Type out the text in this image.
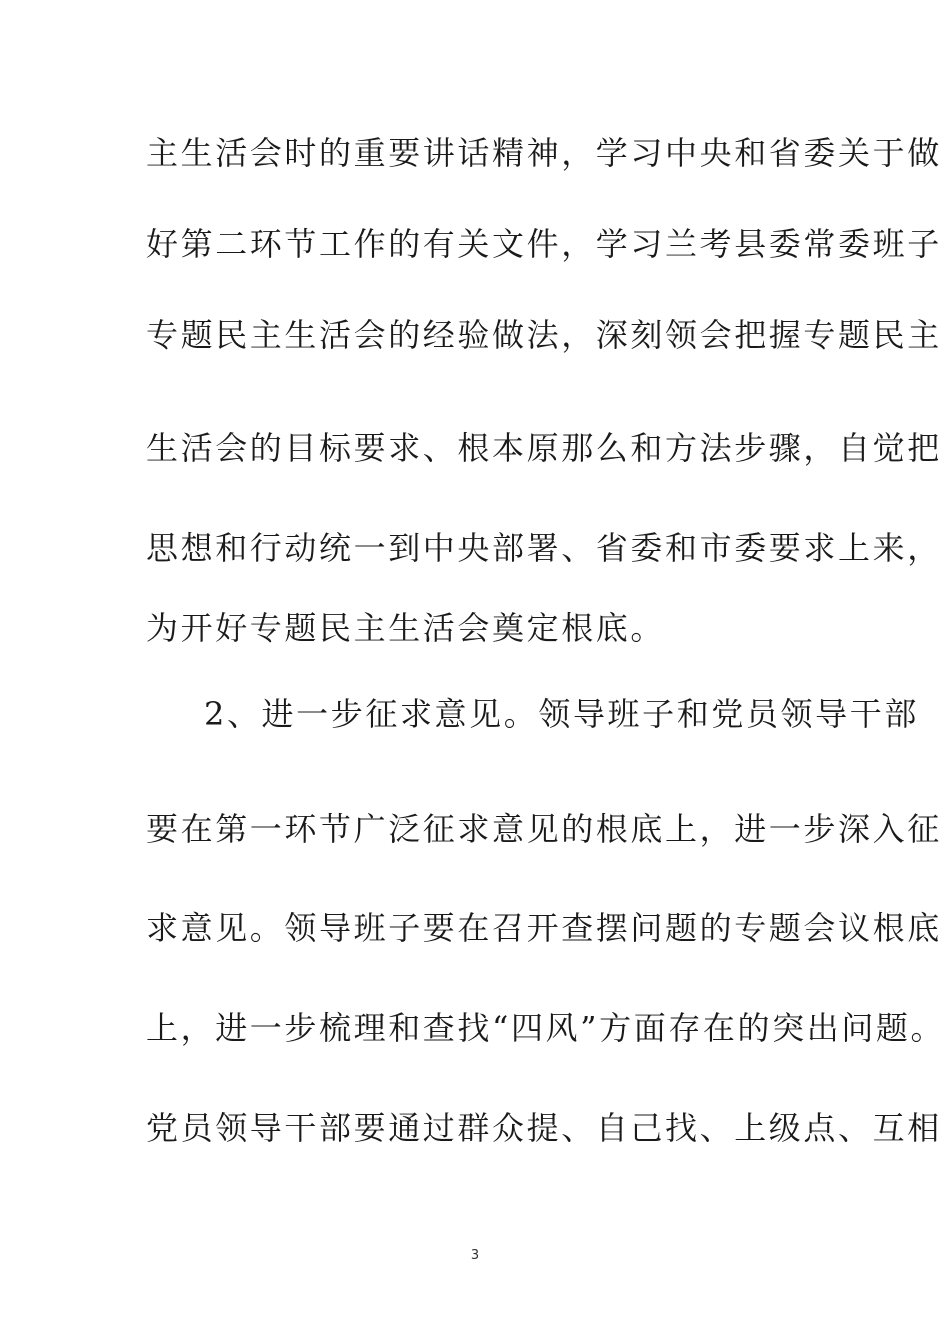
主生活会时的重要讲话精神，学习中央和省委关于做
好第二环节工作的有关文件，学习兰考县委常委班子
专题民主生活会的经验做法，深刻领会把握专题民主
生活会的目标要求、根本原那么和方法步骤，自觉把
思想和行动统一到中央部署、省委和市委要求上来，
为开好专题民主生活会奠定根底。
2、进一步征求意见。领导班子和党员领导干部
要在第一环节广泛征求意见的根底上，进一步深入征
求意见。领导班子要在召开查摆问题的专题会议根底
上，进一步梳理和查找“四风”方面存在的突出问题。
党员领导干部要通过群众提、自己找、上级点、互相
3
